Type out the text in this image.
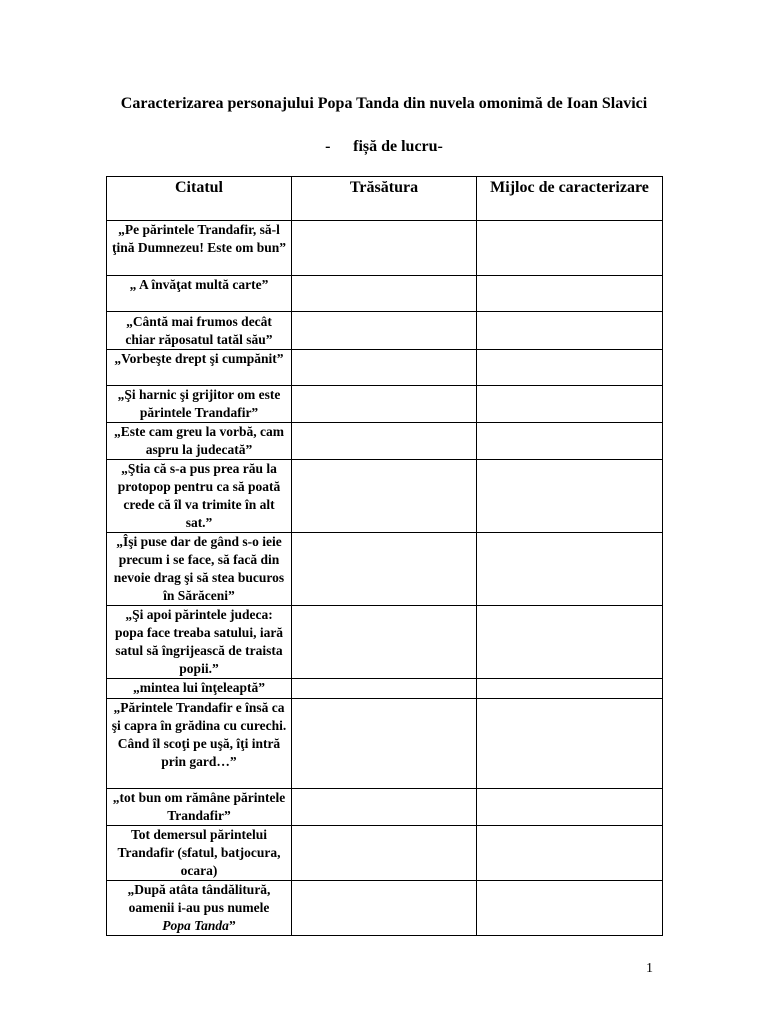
Caracterizarea personajului Popa Tanda din nuvela omonimă de Ioan Slavici

- fișă de lucru-

Citatul	Trăsătura	Mijloc de caracterizare
„Pe părintele Trandafir, să-l ţină Dumnezeu! Este om bun”		
„ A învăţat multă carte”		
„Cântă mai frumos decât chiar răposatul tatăl său”		
„Vorbeşte drept şi cumpănit”		
„Şi harnic şi grijitor om este părintele Trandafir”		
„Este cam greu la vorbă, cam aspru la judecată”		
„Ştia că s-a pus prea rău la protopop pentru ca să poată crede că îl va trimite în alt sat.”		
„Îşi puse dar de gând s-o ieie precum i se face, să facă din nevoie drag şi să stea bucuros în Sărăceni”		
„Şi apoi părintele judeca: popa face treaba satului, iară satul să îngrijească de traista popii.”		
„mintea lui înţeleaptă”		
„Părintele Trandafir e însă ca şi capra în grădina cu curechi. Când îl scoţi pe uşă, îţi intră prin gard…”		
„tot bun om rămâne părintele Trandafir”		
Tot demersul părintelui Trandafir (sfatul, batjocura, ocara)		
„După atâta tândălitură, oamenii i-au pus numele
Popa Tanda”		
1
